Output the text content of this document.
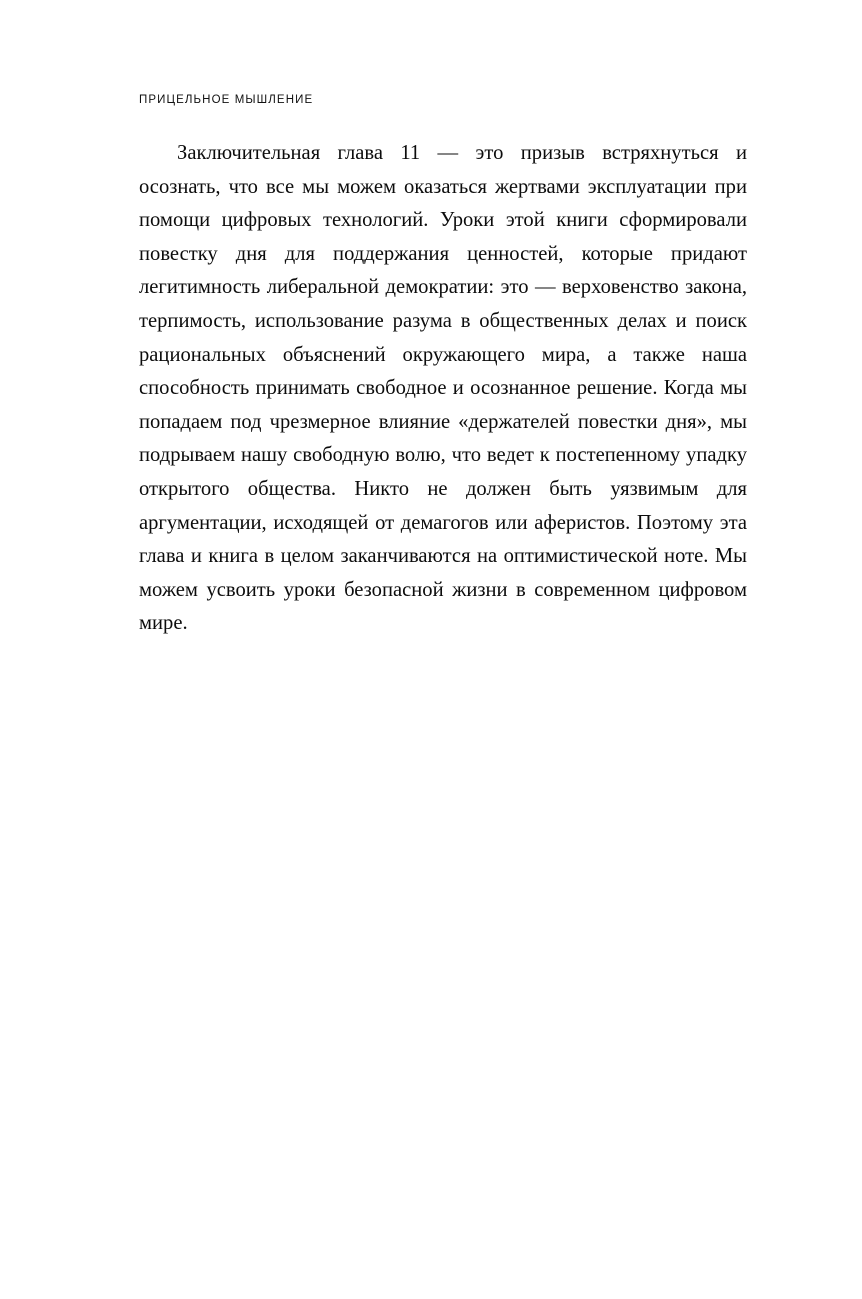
ПРИЦЕЛЬНОЕ МЫШЛЕНИЕ

Заключительная глава 11 — это призыв встряхнуться и осознать, что все мы можем оказаться жертвами эксплуатации при помощи цифровых технологий. Уроки этой книги сформировали повестку дня для поддержания ценностей, которые придают легитимность либеральной демократии: это — верховенство закона, терпимость, использование разума в общественных делах и поиск рациональных объяснений окружающего мира, а также наша способность принимать свободное и осознанное решение. Когда мы попадаем под чрезмерное влияние «держателей повестки дня», мы подрываем нашу свободную волю, что ведет к постепенному упадку открытого общества. Никто не должен быть уязвимым для аргументации, исходящей от демагогов или аферистов. Поэтому эта глава и книга в целом заканчиваются на оптимистической ноте. Мы можем усвоить уроки безопасной жизни в современном цифровом мире.
